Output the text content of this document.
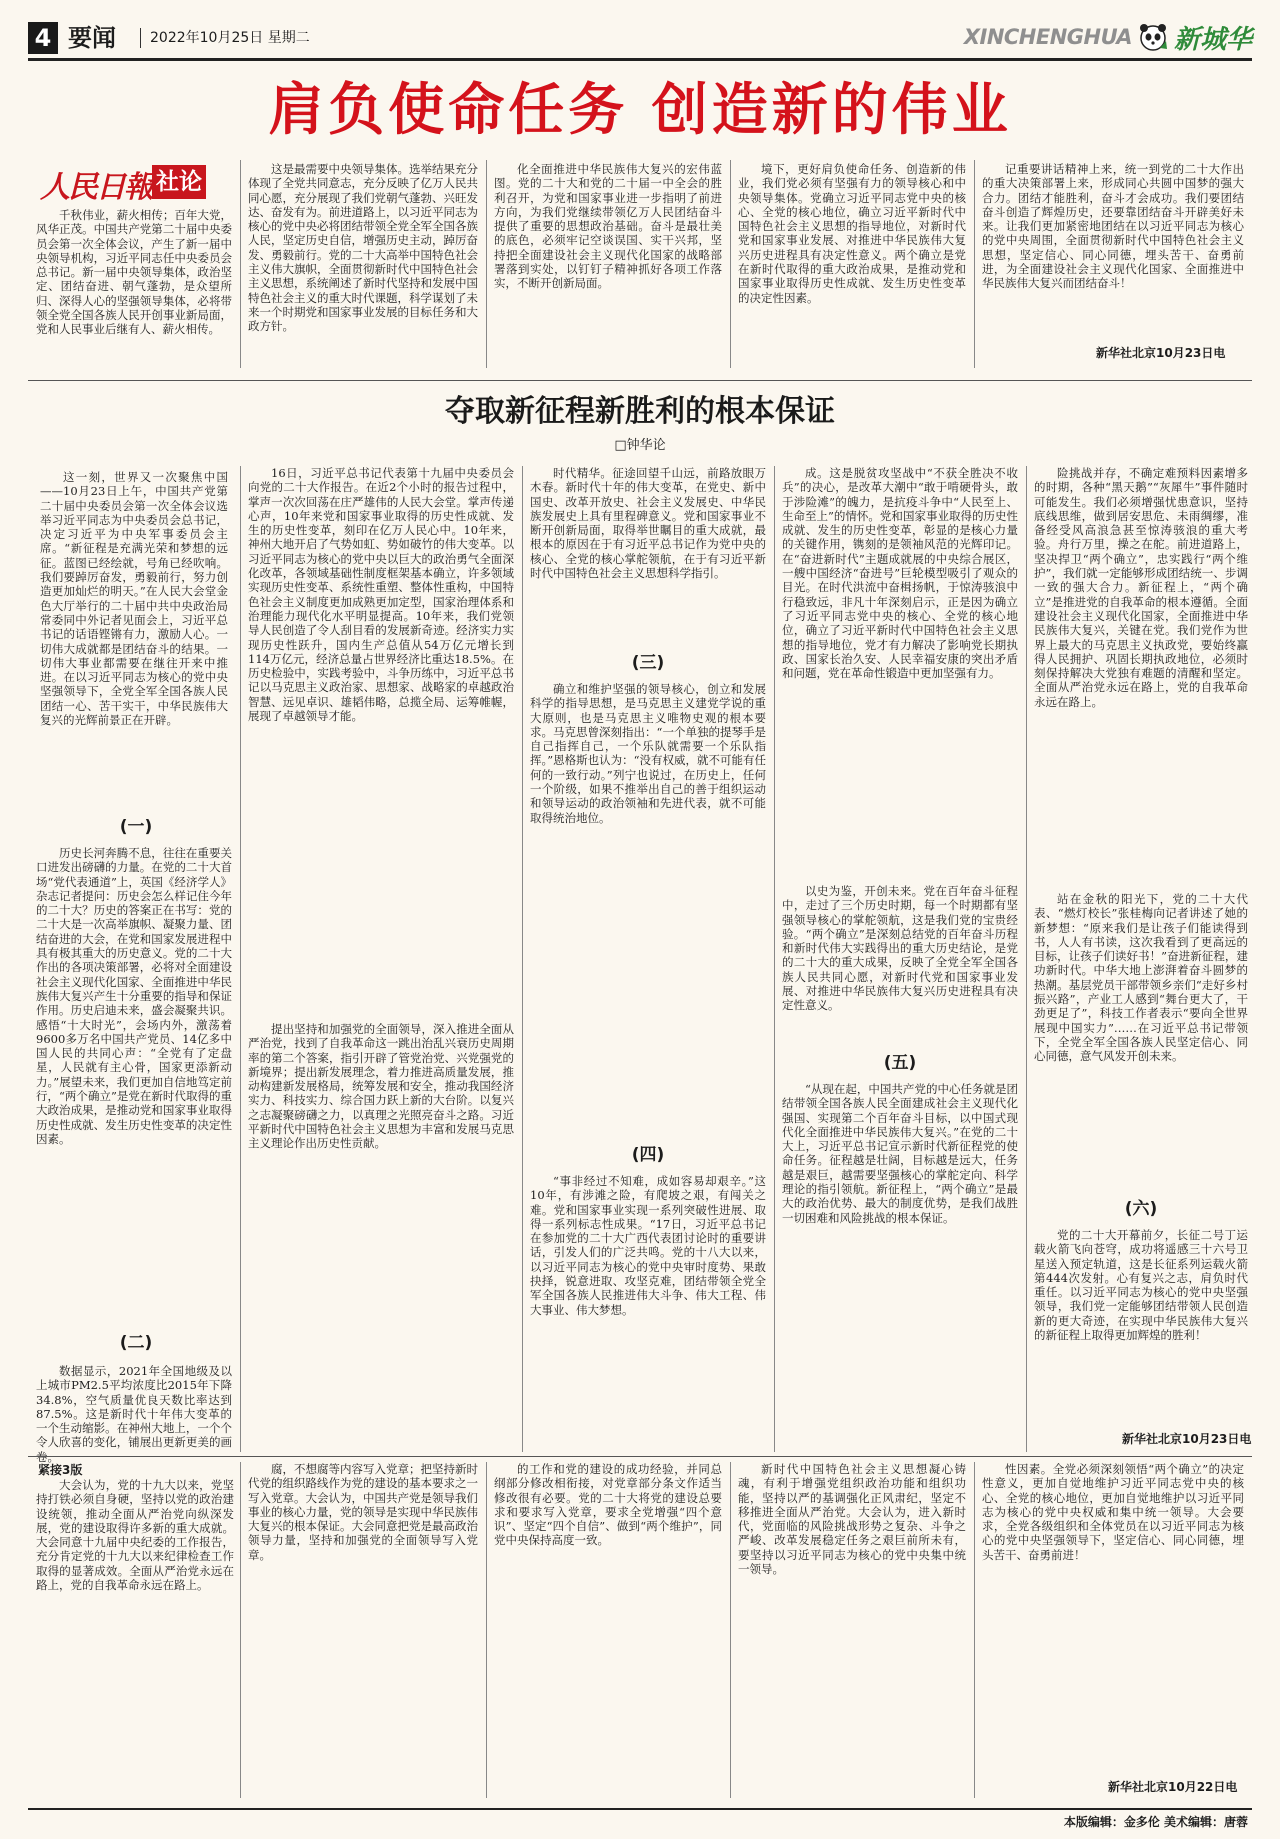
4 要闻 2022年10月25日 星期二	XINCHENGHUA 新城华
肩负使命任务 创造新的伟业
人民日報 社论

千秋伟业，薪火相传；百年大党，风华正茂。中国共产党第二十届中央委员会第一次全体会议，产生了新一届中央领导机构，习近平同志任中央委员会总书记。新一届中央领导集体，政治坚定、团结奋进、朝气蓬勃，是众望所归、深得人心的坚强领导集体，必将带领全党全国各族人民开创事业新局面，党和人民事业后继有人、薪火相传。

这是最需要中央领导集体。选举结果充分体现了全党共同意志，充分反映了亿万人民共同心愿，充分展现了我们党朝气蓬勃、兴旺发达、奋发有为。前进道路上，以习近平同志为核心的党中央必将团结带领全党全军全国各族人民，坚定历史自信，增强历史主动，踔厉奋发、勇毅前行。党的二十大高举中国特色社会主义伟大旗帜，全面贯彻新时代中国特色社会主义思想，系统阐述了新时代坚持和发展中国特色社会主义的重大时代课题，科学谋划了未来一个时期党和国家事业发展的目标任务和大政方针。

化全面推进中华民族伟大复兴的宏伟蓝图。党的二十大和党的二十届一中全会的胜利召开，为党和国家事业进一步指明了前进方向，为我们党继续带领亿万人民团结奋斗提供了重要的思想政治基础。奋斗是最壮美的底色，必须牢记空谈误国、实干兴邦，坚持把全面建设社会主义现代化国家的战略部署落到实处，以钉钉子精神抓好各项工作落实，不断开创新局面。

境下，更好肩负使命任务、创造新的伟业，我们党必须有坚强有力的领导核心和中央领导集体。党确立习近平同志党中央的核心、全党的核心地位，确立习近平新时代中国特色社会主义思想的指导地位，对新时代党和国家事业发展、对推进中华民族伟大复兴历史进程具有决定性意义。两个确立是党在新时代取得的重大政治成果，是推动党和国家事业取得历史性成就、发生历史性变革的决定性因素。

记重要讲话精神上来，统一到党的二十大作出的重大决策部署上来，形成同心共圆中国梦的强大合力。团结才能胜利，奋斗才会成功。我们要团结奋斗创造了辉煌历史，还要靠团结奋斗开辟美好未来。让我们更加紧密地团结在以习近平同志为核心的党中央周围，全面贯彻新时代中国特色社会主义思想，坚定信心、同心同德，埋头苦干、奋勇前进，为全面建设社会主义现代化国家、全面推进中华民族伟大复兴而团结奋斗！

新华社北京10月23日电
夺取新征程新胜利的根本保证
□钟华论

这一刻，世界又一次聚焦中国——10月23日上午，中国共产党第二十届中央委员会第一次全体会议选举习近平同志为中央委员会总书记，决定习近平为中央军事委员会主席。“新征程是充满光荣和梦想的远征。蓝图已经绘就，号角已经吹响。我们要踔厉奋发，勇毅前行，努力创造更加灿烂的明天。”在人民大会堂金色大厅举行的二十届中共中央政治局常委同中外记者见面会上，习近平总书记的话语铿锵有力，激励人心。一切伟大成就都是团结奋斗的结果。一切伟大事业都需要在继往开来中推进。在以习近平同志为核心的党中央坚强领导下，全党全军全国各族人民团结一心、苦干实干，中华民族伟大复兴的光辉前景正在开辟。

(一)

历史长河奔腾不息，往往在重要关口进发出磅礴的力量。在党的二十大首场“党代表通道”上，英国《经济学人》杂志记者提问：历史会怎么样记住今年的二十大？历史的答案正在书写：党的二十大是一次高举旗帜、凝聚力量、团结奋进的大会，在党和国家发展进程中具有极其重大的历史意义。党的二十大作出的各项决策部署，必将对全面建设社会主义现代化国家、全面推进中华民族伟大复兴产生十分重要的指导和保证作用。历史启迪未来，盛会凝聚共识。感悟“十大时光”，会场内外，激荡着9600多万名中国共产党员、14亿多中国人民的共同心声：“全党有了定盘星，人民就有主心骨，国家更添新动力。”展望未来，我们更加自信地笃定前行，“两个确立”是党在新时代取得的重大政治成果，是推动党和国家事业取得历史性成就、发生历史性变革的决定性因素。

(二)

数据显示，2021年全国地级及以上城市PM2.5平均浓度比2015年下降34.8%，空气质量优良天数比率达到87.5%。这是新时代十年伟大变革的一个生动缩影。在神州大地上，一个个令人欣喜的变化，铺展出更新更美的画

16日，习近平总书记代表第十九届中央委员会向党的二十大作报告。在近2个小时的报告过程中，掌声一次次回荡在庄严雄伟的人民大会堂。掌声传递心声，10年来党和国家事业取得的历史性成就、发生的历史性变革，刻印在亿万人民心中。10年来，神州大地开启了气势如虹、势如破竹的伟大变革。以习近平同志为核心的党中央以巨大的政治勇气全面深化改革，各领域基础性制度框架基本确立，许多领域实现历史性变革、系统性重塑、整体性重构，中国特色社会主义制度更加成熟更加定型，国家治理体系和治理能力现代化水平明显提高。10年来，我们党领导人民创造了令人刮目看的发展新奇迹。经济实力实现历史性跃升，国内生产总值从54万亿元增长到114万亿元，经济总量占世界经济比重达18.5%。在历史检验中，实践考验中，斗争历练中，习近平总书记以马克思主义政治家、思想家、战略家的卓越政治智慧、远见卓识、雄韬伟略，总揽全局、运筹帷幄，展现了卓越领导才能。

提出坚持和加强党的全面领导，深入推进全面从严治党，找到了自我革命这一跳出治乱兴衰历史周期率的第二个答案，指引开辟了管党治党、兴党强党的新境界；提出新发展理念，着力推进高质量发展，推动构建新发展格局，统筹发展和安全，推动我国经济实力、科技实力、综合国力跃上新的大台阶。以复兴之志凝聚磅礴之力，以真理之光照亮奋斗之路。习近平新时代中国特色社会主义思想为丰富和发展马克思主义理论作出历史性贡献。

时代精华。征途回望千山远，前路放眼万木春。新时代十年的伟大变革，在党史、新中国史、改革开放史、社会主义发展史、中华民族发展史上具有里程碑意义。党和国家事业不断开创新局面，取得举世瞩目的重大成就，最根本的原因在于有习近平总书记作为党中央的核心、全党的核心掌舵领航，在于有习近平新时代中国特色社会主义思想科学指引。

(三)

确立和维护坚强的领导核心，创立和发展科学的指导思想，是马克思主义建党学说的重大原则，也是马克思主义唯物史观的根本要求。马克思曾深刻指出：“一个单独的提琴手是自己指挥自己，一个乐队就需要一个乐队指挥。”恩格斯也认为：“没有权威，就不可能有任何的一致行动。”列宁也说过，在历史上，任何一个阶级，如果不推举出自己的善于组织运动和领导运动的政治领袖和先进代表，就不可能取得统治地位。

(四)

“事非经过不知难，成如容易却艰辛。”这10年，有涉滩之险，有爬坡之艰，有闯关之难。党和国家事业实现一系列突破性进展、取得一系列标志性成果。“17日，习近平总书记在参加党的二十大广西代表团讨论时的重要讲话，引发人们的广泛共鸣。党的十八大以来，以习近平同志为核心的党中央审时度势、果敢抉择，锐意进取、攻坚克难，团结带领全党全军全国各族人民推进伟大斗争、伟大工程、伟大事业、伟大梦想。

成。这是脱贫攻坚战中“不获全胜决不收兵”的决心，是改革大潮中“敢于啃硬骨头，敢于涉险滩”的魄力，是抗疫斗争中“人民至上、生命至上”的情怀。党和国家事业取得的历史性成就、发生的历史性变革，彰显的是核心力量的关键作用，镌刻的是领袖风范的光辉印记。在“奋进新时代”主题成就展的中央综合展区，一艘中国经济“奋进号”巨轮模型吸引了观众的目光。在时代洪流中奋楫扬帆，于惊涛骇浪中行稳致远，非凡十年深刻启示，正是因为确立了习近平同志党中央的核心、全党的核心地位，确立了习近平新时代中国特色社会主义思想的指导地位，党才有力解决了影响党长期执政、国家长治久安、人民幸福安康的突出矛盾和问题，党在革命性锻造中更加坚强有力。

以史为鉴，开创未来。党在百年奋斗征程中，走过了三个历史时期，每一个时期都有坚强领导核心的掌舵领航，这是我们党的宝贵经验。“两个确立”是深刻总结党的百年奋斗历程和新时代伟大实践得出的重大历史结论，是党的二十大的重大成果，反映了全党全军全国各族人民共同心愿，对新时代党和国家事业发展、对推进中华民族伟大复兴历史进程具有决定性意义。

(五)

“从现在起，中国共产党的中心任务就是团结带领全国各族人民全面建成社会主义现代化强国、实现第二个百年奋斗目标，以中国式现代化全面推进中华民族伟大复兴。”在党的二十大上，习近平总书记宣示新时代新征程党的使命任务。征程越是壮阔，目标越是远大，任务越是艰巨，越需要坚强核心的掌舵定向、科学理论的指引领航。新征程上，“两个确立”是最大的政治优势、最大的制度优势，是我们战胜一切困难和风险挑战的根本保证。

险挑战并存，不确定难预料因素增多的时期，各种“黑天鹅”“灰犀牛”事件随时可能发生。我们必须增强忧患意识，坚持底线思维，做到居安思危、未雨绸缪，准备经受风高浪急甚至惊涛骇浪的重大考验。舟行万里，操之在舵。前进道路上，坚决捍卫“两个确立”，忠实践行“两个维护”，我们就一定能够形成团结统一、步调一致的强大合力。新征程上，“两个确立”是推进党的自我革命的根本遵循。全面建设社会主义现代化国家，全面推进中华民族伟大复兴，关键在党。我们党作为世界上最大的马克思主义执政党，要始终赢得人民拥护、巩固长期执政地位，必须时刻保持解决大党独有难题的清醒和坚定。全面从严治党永远在路上，党的自我革命永远在路上。

站在金秋的阳光下，党的二十大代表、“燃灯校长”张桂梅向记者讲述了她的新梦想：“原来我们是让孩子们能读得到书，人人有书读，这次我看到了更高远的目标，让孩子们读好书！”奋进新征程，建功新时代。中华大地上澎湃着奋斗圆梦的热潮。基层党员干部带领乡亲们“走好乡村振兴路”，产业工人感到“舞台更大了，干劲更足了”，科技工作者表示“要向全世界展现中国实力”……在习近平总书记带领下，全党全军全国各族人民坚定信心、同心同德，意气风发开创未来。

(六)

党的二十大开幕前夕，长征二号丁运载火箭飞向苍穹，成功将遥感三十六号卫星送入预定轨道，这是长征系列运载火箭第444次发射。心有复兴之志，肩负时代重任。以习近平同志为核心的党中央坚强领导，我们党一定能够团结带领人民创造新的更大奇迹，在实现中华民族伟大复兴的新征程上取得更加辉煌的胜利！

新华社北京10月23日电
紧接3版

大会认为，党的十九大以来，党坚持打铁必须自身硬，坚持以党的政治建设统领，推动全面从严治党向纵深发展，党的建设取得许多新的重大成就。大会同意十九届中央纪委的工作报告，充分肯定党的十九大以来纪律检查工作取得的显著成效。全面从严治党永远在路上，党的自我革命永远在路上。

腐，不想腐等内容写入党章；把坚持新时代党的组织路线作为党的建设的基本要求之一写入党章。大会认为，中国共产党是领导我们事业的核心力量，党的领导是实现中华民族伟大复兴的根本保证。大会同意把党是最高政治领导力量，坚持和加强党的全面领导写入党章。

的工作和党的建设的成功经验，并同总纲部分修改相衔接，对党章部分条文作适当修改很有必要。党的二十大将党的建设总要求和要求写入党章，要求全党增强“四个意识”、坚定“四个自信”、做到“两个维护”，同党中央保持高度一致。

新时代中国特色社会主义思想凝心铸魂，有利于增强党组织政治功能和组织功能，坚持以严的基调强化正风肃纪，坚定不移推进全面从严治党。大会认为，进入新时代，党面临的风险挑战形势之复杂、斗争之严峻、改革发展稳定任务之艰巨前所未有，要坚持以习近平同志为核心的党中央集中统一领导。

性因素。全党必须深刻领悟“两个确立”的决定性意义，更加自觉地维护习近平同志党中央的核心、全党的核心地位，更加自觉地维护以习近平同志为核心的党中央权威和集中统一领导。大会要求，全党各级组织和全体党员在以习近平同志为核心的党中央坚强领导下，坚定信心、同心同德，埋头苦干、奋勇前进！

新华社北京10月22日电
本版编辑：金多伦 美术编辑：唐蓉
